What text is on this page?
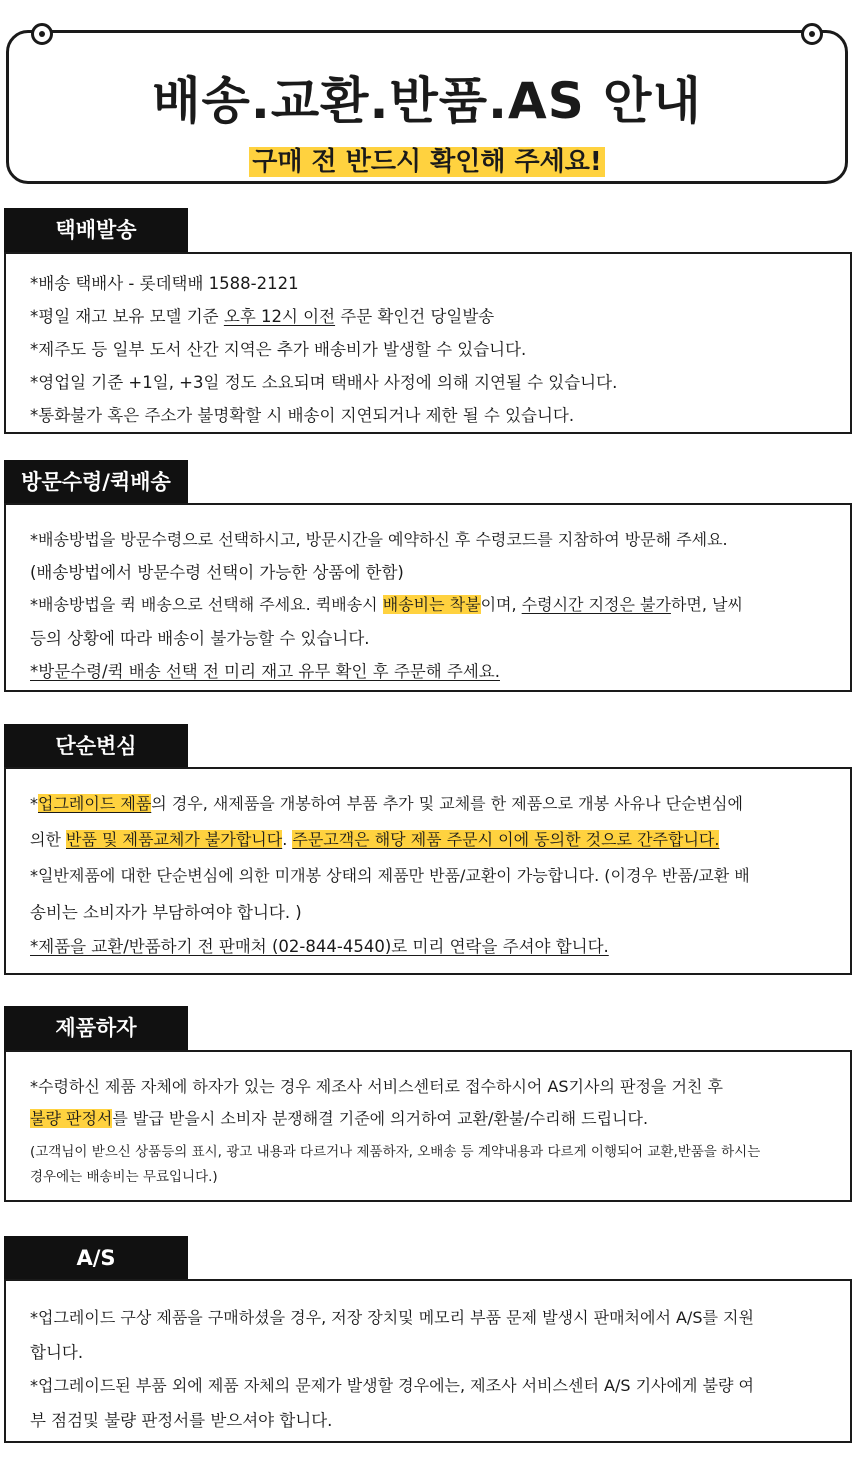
배송.교환.반품.AS 안내
구매 전 반드시 확인해 주세요!
택배발송

*배송 택배사 - 롯데택배 1588-2121

*평일 재고 보유 모델 기준 오후 12시 이전 주문 확인건 당일발송

*제주도 등 일부 도서 산간 지역은 추가 배송비가 발생할 수 있습니다.

*영업일 기준 +1일, +3일 정도 소요되며 택배사 사정에 의해 지연될 수 있습니다.

*통화불가 혹은 주소가 불명확할 시 배송이 지연되거나 제한 될 수 있습니다.

방문수령/퀵배송

*배송방법을 방문수령으로 선택하시고, 방문시간을 예약하신 후 수령코드를 지참하여 방문해 주세요.

(배송방법에서 방문수령 선택이 가능한 상품에 한함)

*배송방법을 퀵 배송으로 선택해 주세요. 퀵배송시 배송비는 착불이며, 수령시간 지정은 불가하면, 날씨

등의 상황에 따라 배송이 불가능할 수 있습니다.

*방문수령/퀵 배송 선택 전 미리 재고 유무 확인 후 주문해 주세요.

단순변심

*업그레이드 제품의 경우, 새제품을 개봉하여 부품 추가 및 교체를 한 제품으로 개봉 사유나 단순변심에

의한 반품 및 제품교체가 불가합니다. 주문고객은 해당 제품 주문시 이에 동의한 것으로 간주합니다.

*일반제품에 대한 단순변심에 의한 미개봉 상태의 제품만 반품/교환이 가능합니다. (이경우 반품/교환 배

송비는 소비자가 부담하여야 합니다. )

*제품을 교환/반품하기 전 판매처 (02-844-4540)로 미리 연락을 주셔야 합니다.

제품하자

*수령하신 제품 자체에 하자가 있는 경우 제조사 서비스센터로 접수하시어 AS기사의 판정을 거친 후

불량 판정서를 발급 받을시 소비자 분쟁해결 기준에 의거하여 교환/환불/수리해 드립니다.

(고객님이 받으신 상품등의 표시, 광고 내용과 다르거나 제품하자, 오배송 등 계약내용과 다르게 이행되어 교환,반품을 하시는

경우에는 배송비는 무료입니다.)

A/S

*업그레이드 구상 제품을 구매하셨을 경우, 저장 장치및 메모리 부품 문제 발생시 판매처에서 A/S를 지원

합니다.

*업그레이드된 부품 외에 제품 자체의 문제가 발생할 경우에는, 제조사 서비스센터 A/S 기사에게 불량 여

부 점검및 불량 판정서를 받으셔야 합니다.
